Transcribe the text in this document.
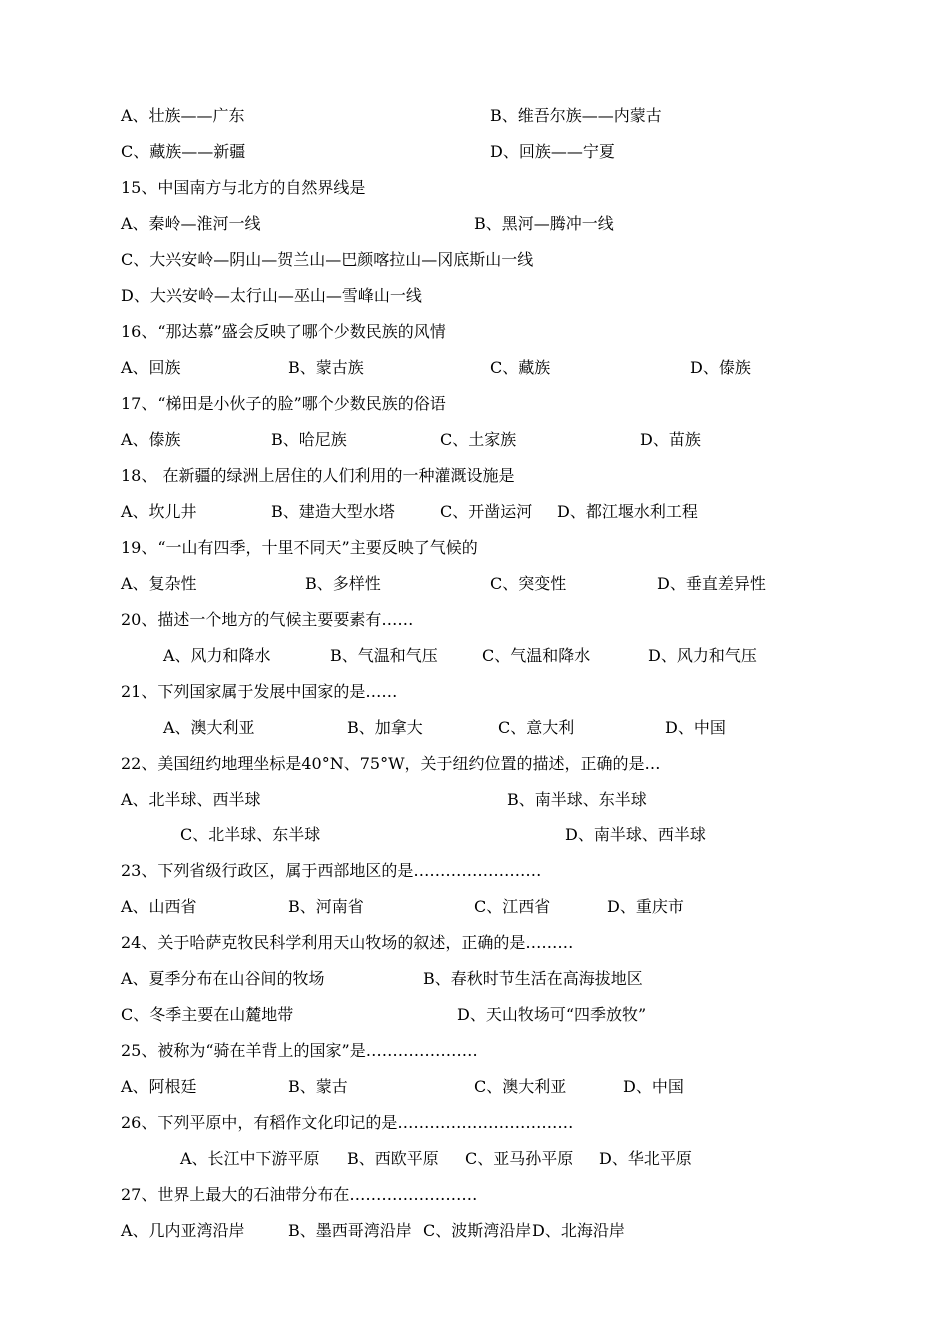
A、壮族——广东	B、维吾尔族——内蒙古
C、藏族——新疆	D、回族——宁夏
15、中国南方与北方的自然界线是
A、秦岭—淮河一线	B、黑河—腾冲一线
C、大兴安岭—阴山—贺兰山—巴颜喀拉山—冈底斯山一线
D、大兴安岭—太行山—巫山—雪峰山一线
16、“那达慕”盛会反映了哪个少数民族的风情
A、回族	B、蒙古族	C、藏族	D、傣族
17、“梯田是小伙子的脸”哪个少数民族的俗语
A、傣族	B、哈尼族	C、土家族	D、苗族
18、 在新疆的绿洲上居住的人们利用的一种灌溉设施是
A、坎儿井	B、建造大型水塔	C、开凿运河 D、都江堰水利工程
19、“一山有四季，十里不同天”主要反映了气候的
A、复杂性	B、多样性	C、突变性	D、垂直差异性
20、描述一个地方的气候主要要素有……
A、风力和降水	B、气温和气压	C、气温和降水	D、风力和气压
21、下列国家属于发展中国家的是……
A、澳大利亚	B、加拿大	C、意大利	D、中国
22、美国纽约地理坐标是40°N、75°W，关于纽约位置的描述，正确的是…
A、北半球、西半球	B、南半球、东半球
C、北半球、东半球	D、南半球、西半球
23、下列省级行政区，属于西部地区的是……………………
A、山西省	B、河南省	C、江西省	D、重庆市
24、关于哈萨克牧民科学利用天山牧场的叙述，正确的是………
A、夏季分布在山谷间的牧场	B、春秋时节生活在高海拔地区
C、冬季主要在山麓地带	D、天山牧场可“四季放牧”
25、被称为“骑在羊背上的国家”是…………………
A、阿根廷	B、蒙古	C、澳大利亚	D、中国
26、下列平原中，有稻作文化印记的是……………………………
A、长江中下游平原 B、西欧平原 C、亚马孙平原 D、华北平原
27、世界上最大的石油带分布在……………………
A、几内亚湾沿岸	B、墨西哥湾沿岸 C、波斯湾沿岸 D、北海沿岸
